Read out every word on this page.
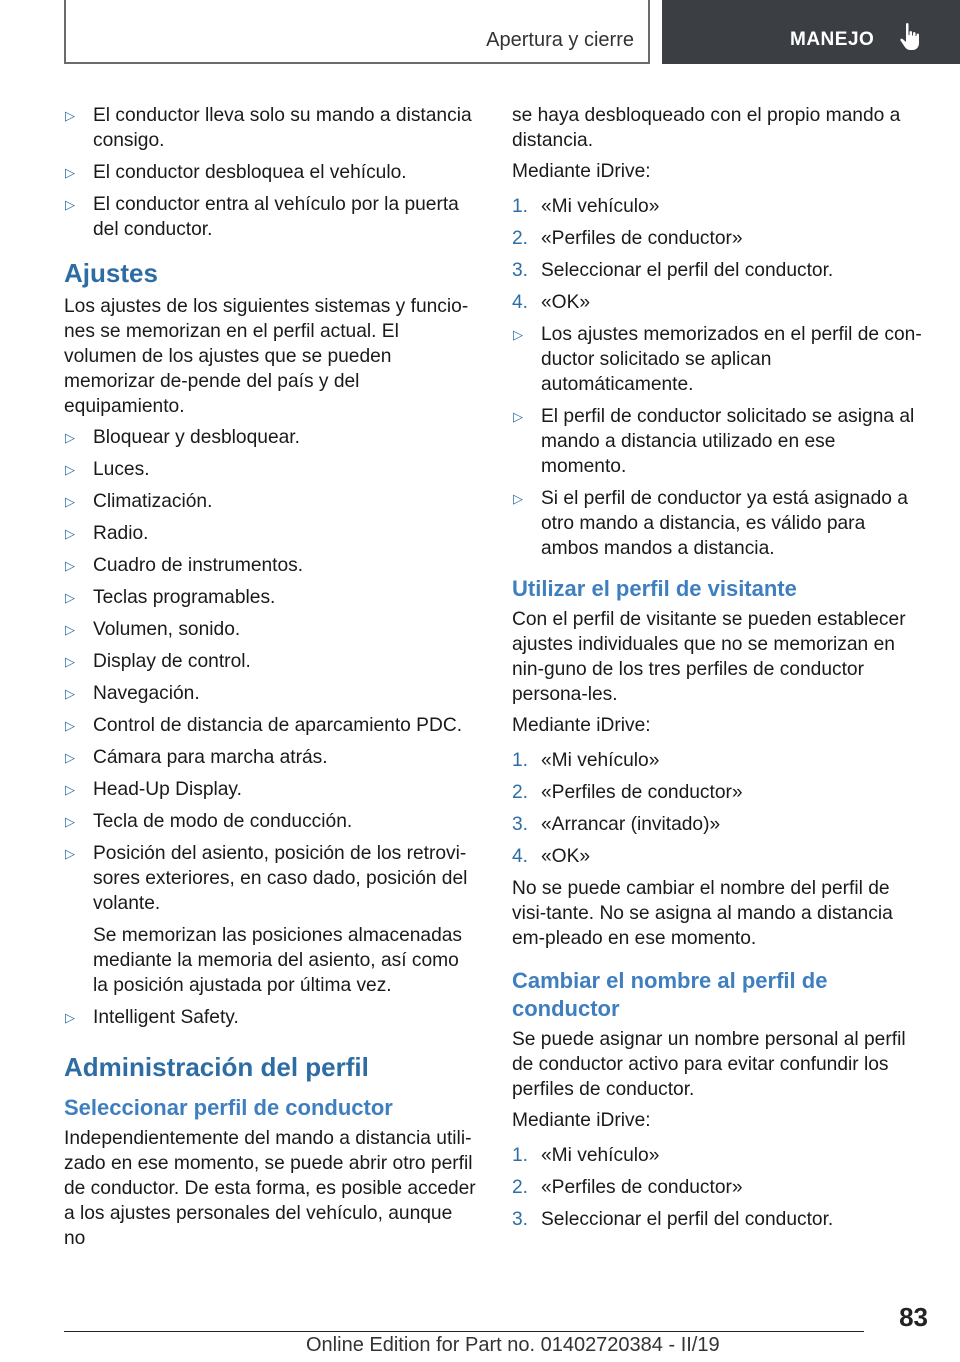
Apertura y cierre	MANEJO
▷ El conductor lleva solo su mando a distancia consigo.
▷ El conductor desbloquea el vehículo.
▷ El conductor entra al vehículo por la puerta del conductor.
Ajustes
Los ajustes de los siguientes sistemas y funcio-nes se memorizan en el perfil actual. El volumen de los ajustes que se pueden memorizar de-pende del país y del equipamiento.
▷ Bloquear y desbloquear.
▷ Luces.
▷ Climatización.
▷ Radio.
▷ Cuadro de instrumentos.
▷ Teclas programables.
▷ Volumen, sonido.
▷ Display de control.
▷ Navegación.
▷ Control de distancia de aparcamiento PDC.
▷ Cámara para marcha atrás.
▷ Head-Up Display.
▷ Tecla de modo de conducción.
▷ Posición del asiento, posición de los retrovi-sores exteriores, en caso dado, posición del volante.
Se memorizan las posiciones almacenadas mediante la memoria del asiento, así como la posición ajustada por última vez.
▷ Intelligent Safety.
Administración del perfil
Seleccionar perfil de conductor
Independientemente del mando a distancia utili-zado en ese momento, se puede abrir otro perfil de conductor. De esta forma, es posible acceder a los ajustes personales del vehículo, aunque no
se haya desbloqueado con el propio mando a distancia.
Mediante iDrive:
1. «Mi vehículo»
2. «Perfiles de conductor»
3. Seleccionar el perfil del conductor.
4. «OK»
▷ Los ajustes memorizados en el perfil de con-ductor solicitado se aplican automáticamente.
▷ El perfil de conductor solicitado se asigna al mando a distancia utilizado en ese momento.
▷ Si el perfil de conductor ya está asignado a otro mando a distancia, es válido para ambos mandos a distancia.
Utilizar el perfil de visitante
Con el perfil de visitante se pueden establecer ajustes individuales que no se memorizan en nin-guno de los tres perfiles de conductor persona-les.
Mediante iDrive:
1. «Mi vehículo»
2. «Perfiles de conductor»
3. «Arrancar (invitado)»
4. «OK»
No se puede cambiar el nombre del perfil de visi-tante. No se asigna al mando a distancia em-pleado en ese momento.
Cambiar el nombre al perfil de conductor
Se puede asignar un nombre personal al perfil de conductor activo para evitar confundir los perfiles de conductor.
Mediante iDrive:
1. «Mi vehículo»
2. «Perfiles de conductor»
3. Seleccionar el perfil del conductor.
83
Online Edition for Part no. 01402720384 - II/19
